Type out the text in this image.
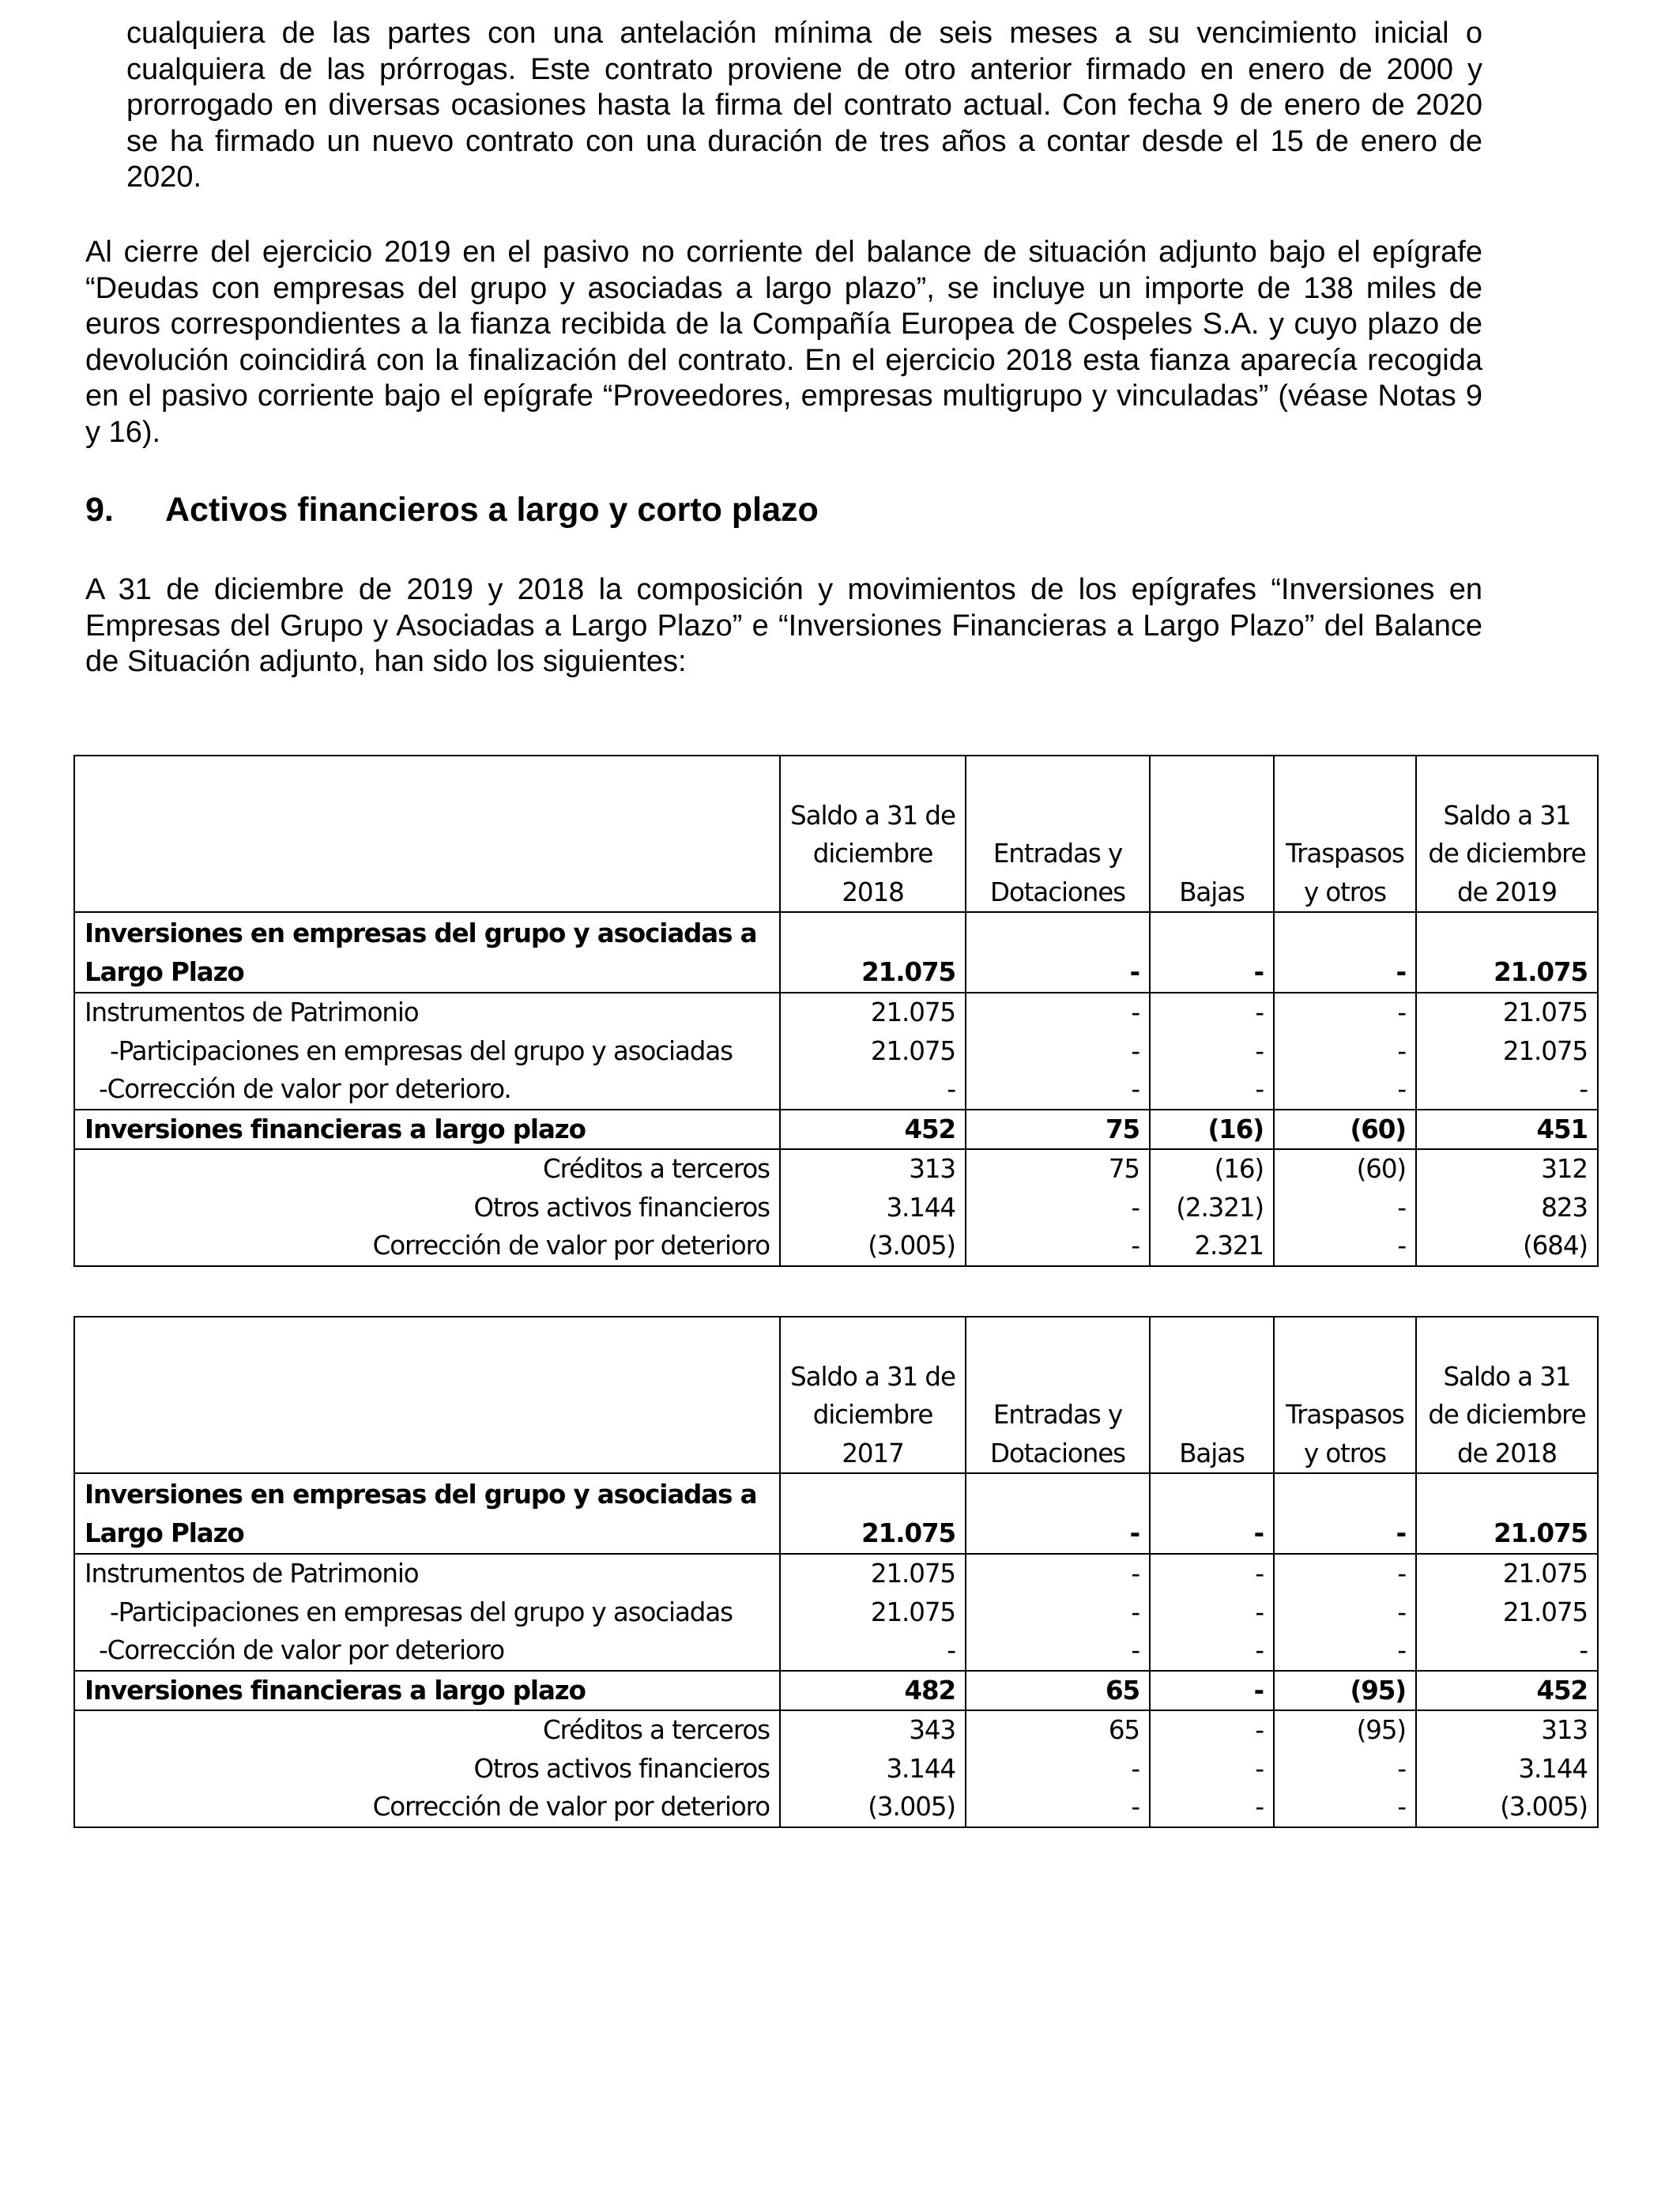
cualquiera de las partes con una antelación mínima de seis meses a su vencimiento inicial o cualquiera de las prórrogas. Este contrato proviene de otro anterior firmado en enero de 2000 y prorrogado en diversas ocasiones hasta la firma del contrato actual. Con fecha 9 de enero de 2020 se ha firmado un nuevo contrato con una duración de tres años a contar desde el 15 de enero de 2020.

Al cierre del ejercicio 2019 en el pasivo no corriente del balance de situación adjunto bajo el epígrafe “Deudas con empresas del grupo y asociadas a largo plazo”, se incluye un importe de 138 miles de euros correspondientes a la fianza recibida de la Compañía Europea de Cospeles S.A. y cuyo plazo de devolución coincidirá con la finalización del contrato. En el ejercicio 2018 esta fianza aparecía recogida en el pasivo corriente bajo el epígrafe “Proveedores, empresas multigrupo y vinculadas” (véase Notas 9 y 16).

9. Activos financieros a largo y corto plazo

A 31 de diciembre de 2019 y 2018 la composición y movimientos de los epígrafes “Inversiones en Empresas del Grupo y Asociadas a Largo Plazo” e “Inversiones Financieras a Largo Plazo” del Balance de Situación adjunto, han sido los siguientes:

	Saldo a 31 de diciembre 2018	Entradas y Dotaciones	Bajas	Traspasos y otros	Saldo a 31 de diciembre de 2019
Inversiones en empresas del grupo y asociadas a Largo Plazo	21.075	-	-	-	21.075
Instrumentos de Patrimonio	21.075	-	-	-	21.075
-Participaciones en empresas del grupo y asociadas	21.075	-	-	-	21.075
-Corrección de valor por deterioro.	-	-	-	-	-
Inversiones financieras a largo plazo	452	75	(16)	(60)	451
Créditos a terceros	313	75	(16)	(60)	312
Otros activos financieros	3.144	-	(2.321)	-	823
Corrección de valor por deterioro	(3.005)	-	2.321	-	(684)
	Saldo a 31 de diciembre 2017	Entradas y Dotaciones	Bajas	Traspasos y otros	Saldo a 31 de diciembre de 2018
Inversiones en empresas del grupo y asociadas a Largo Plazo	21.075	-	-	-	21.075
Instrumentos de Patrimonio	21.075	-	-	-	21.075
-Participaciones en empresas del grupo y asociadas	21.075	-	-	-	21.075
-Corrección de valor por deterioro	-	-	-	-	-
Inversiones financieras a largo plazo	482	65	-	(95)	452
Créditos a terceros	343	65	-	(95)	313
Otros activos financieros	3.144	-	-	-	3.144
Corrección de valor por deterioro	(3.005)	-	-	-	(3.005)
